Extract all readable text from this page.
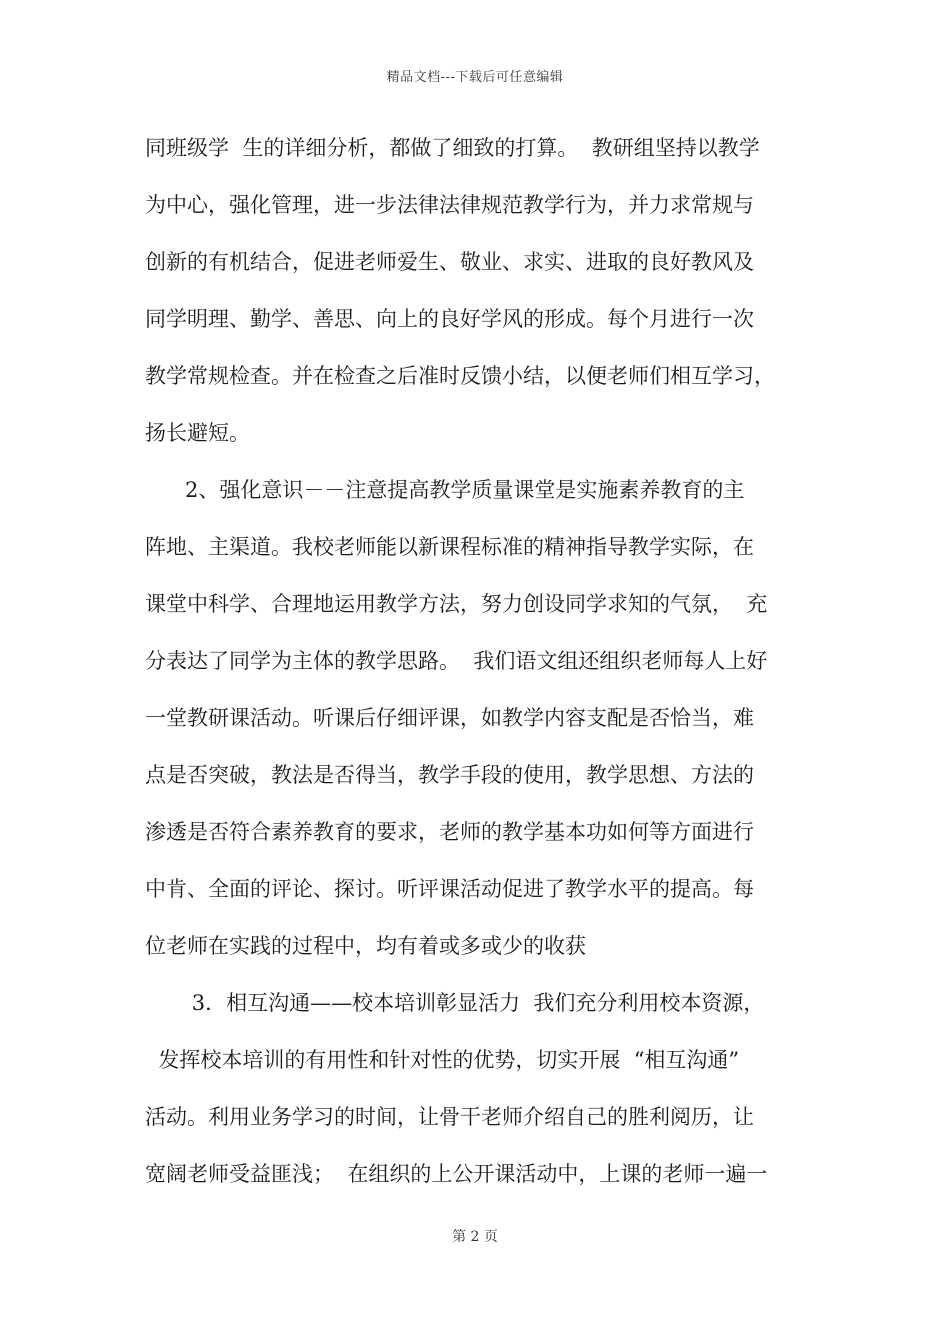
精品文档---下载后可任意编辑
同班级学  生的详细分析，都做了细致的打算。  教研组坚持以教学
为中心，强化管理，进一步法律法律规范教学行为，并力求常规与
创新的有机结合，促进老师爱生、敬业、求实、进取的良好教风及
同学明理、勤学、善思、向上的良好学风的形成。每个月进行一次
教学常规检查。并在检查之后准时反馈小结，以便老师们相互学习，
扬长避短。
2、强化意识－－注意提高教学质量课堂是实施素养教育的主
阵地、主渠道。我校老师能以新课程标准的精神指导教学实际，在
课堂中科学、合理地运用教学方法，努力创设同学求知的气氛，  充
分表达了同学为主体的教学思路。  我们语文组还组织老师每人上好
一堂教研课活动。听课后仔细评课，如教学内容支配是否恰当，难
点是否突破，教法是否得当，教学手段的使用，教学思想、方法的
渗透是否符合素养教育的要求，老师的教学基本功如何等方面进行
中肯、全面的评论、探讨。听评课活动促进了教学水平的提高。每
位老师在实践的过程中，均有着或多或少的收获
3．相互沟通——校本培训彰显活力  我们充分利用校本资源，
发挥校本培训的有用性和针对性的优势，切实开展  “相互沟通”
活动。利用业务学习的时间，让骨干老师介绍自己的胜利阅历，让
宽阔老师受益匪浅；  在组织的上公开课活动中，上课的老师一遍一
第 2 页
